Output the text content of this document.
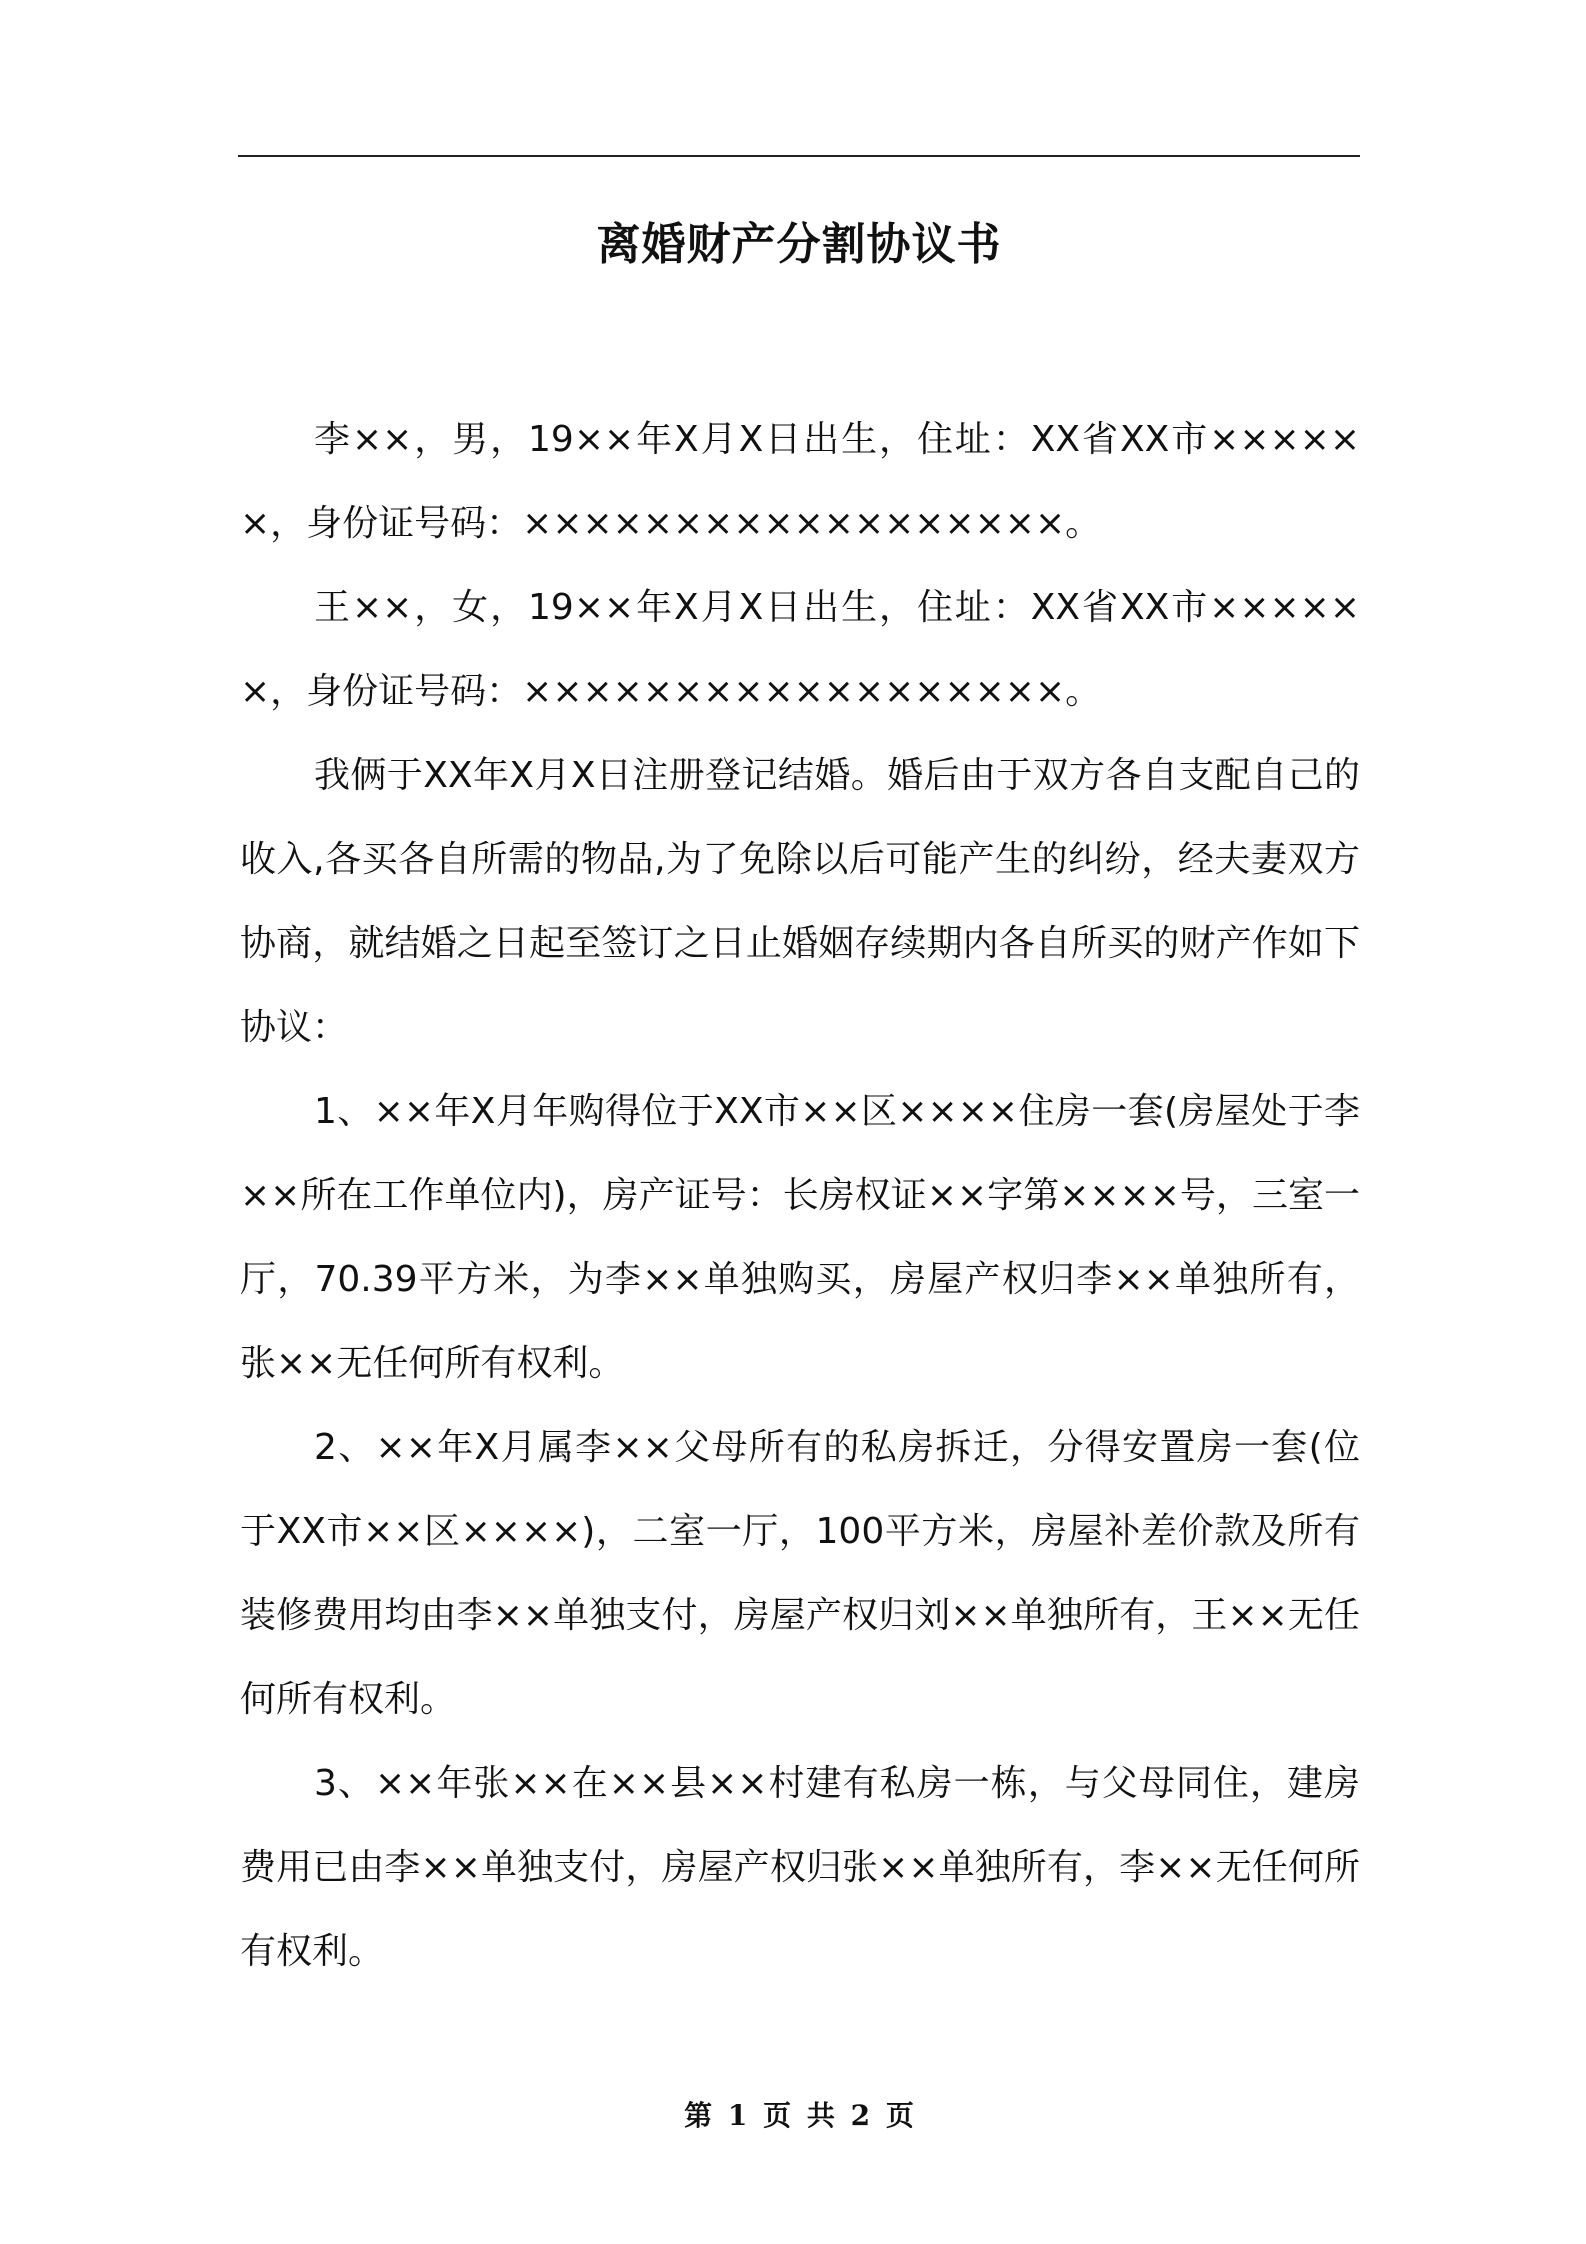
离婚财产分割协议书

李××，男，19××年X月X日出生，住址：XX省XX市××××××，身份证号码：××××××××××××××××××。

王××，女，19××年X月X日出生，住址：XX省XX市××××××，身份证号码：××××××××××××××××××。

我俩于XX年X月X日注册登记结婚。婚后由于双方各自支配自己的收入,各买各自所需的物品,为了免除以后可能产生的纠纷，经夫妻双方协商，就结婚之日起至签订之日止婚姻存续期内各自所买的财产作如下协议：

1、××年X月年购得位于XX市××区××××住房一套(房屋处于李××所在工作单位内)，房产证号：长房权证××字第××××号，三室一厅，70.39平方米，为李××单独购买，房屋产权归李××单独所有，张××无任何所有权利。

2、××年X月属李××父母所有的私房拆迁，分得安置房一套(位于XX市××区××××)，二室一厅，100平方米，房屋补差价款及所有装修费用均由李××单独支付，房屋产权归刘××单独所有，王××无任何所有权利。

3、××年张××在××县××村建有私房一栋，与父母同住，建房费用已由李××单独支付，房屋产权归张××单独所有，李××无任何所有权利。

第 1 页 共 2 页
